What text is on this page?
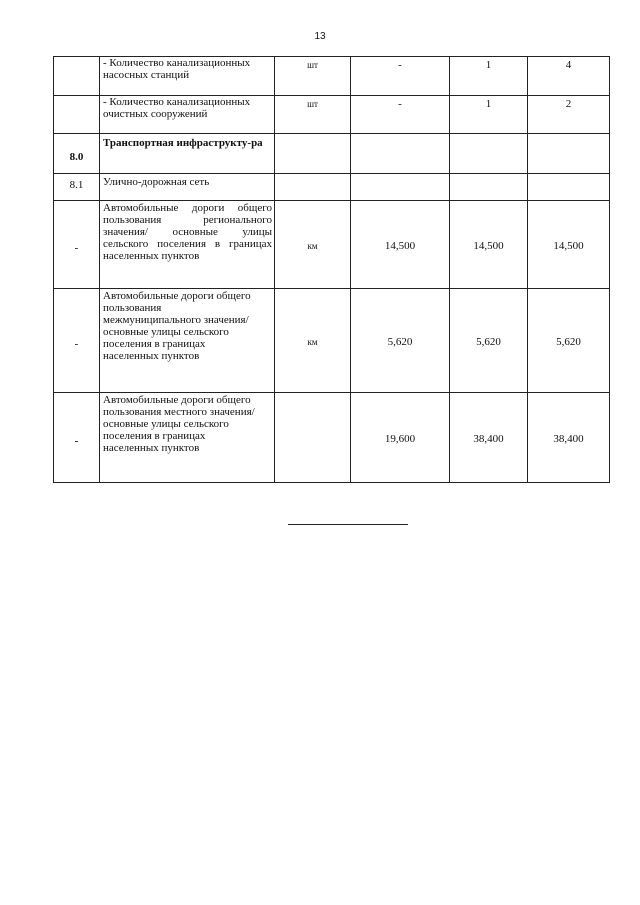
13
	- Количество канализационных насосных станций	шт	-	1	4
	- Количество канализационных очистных сооружений	шт	-	1	2
8.0	Транспортная инфраструкту-ра				
8.1	Улично-дорожная сеть				
-	Автомобильные дороги общего пользования регионального значения/ основные улицы сельского поселения в границах населенных пунктов	км	14,500	14,500	14,500
-	Автомобильные дороги общего пользования межмуниципального значения/ основные улицы сельского поселения в границах населенных пунктов	км	5,620	5,620	5,620
-	Автомобильные дороги общего пользования местного значения/ основные улицы сельского поселения в границах населенных пунктов		19,600	38,400	38,400
